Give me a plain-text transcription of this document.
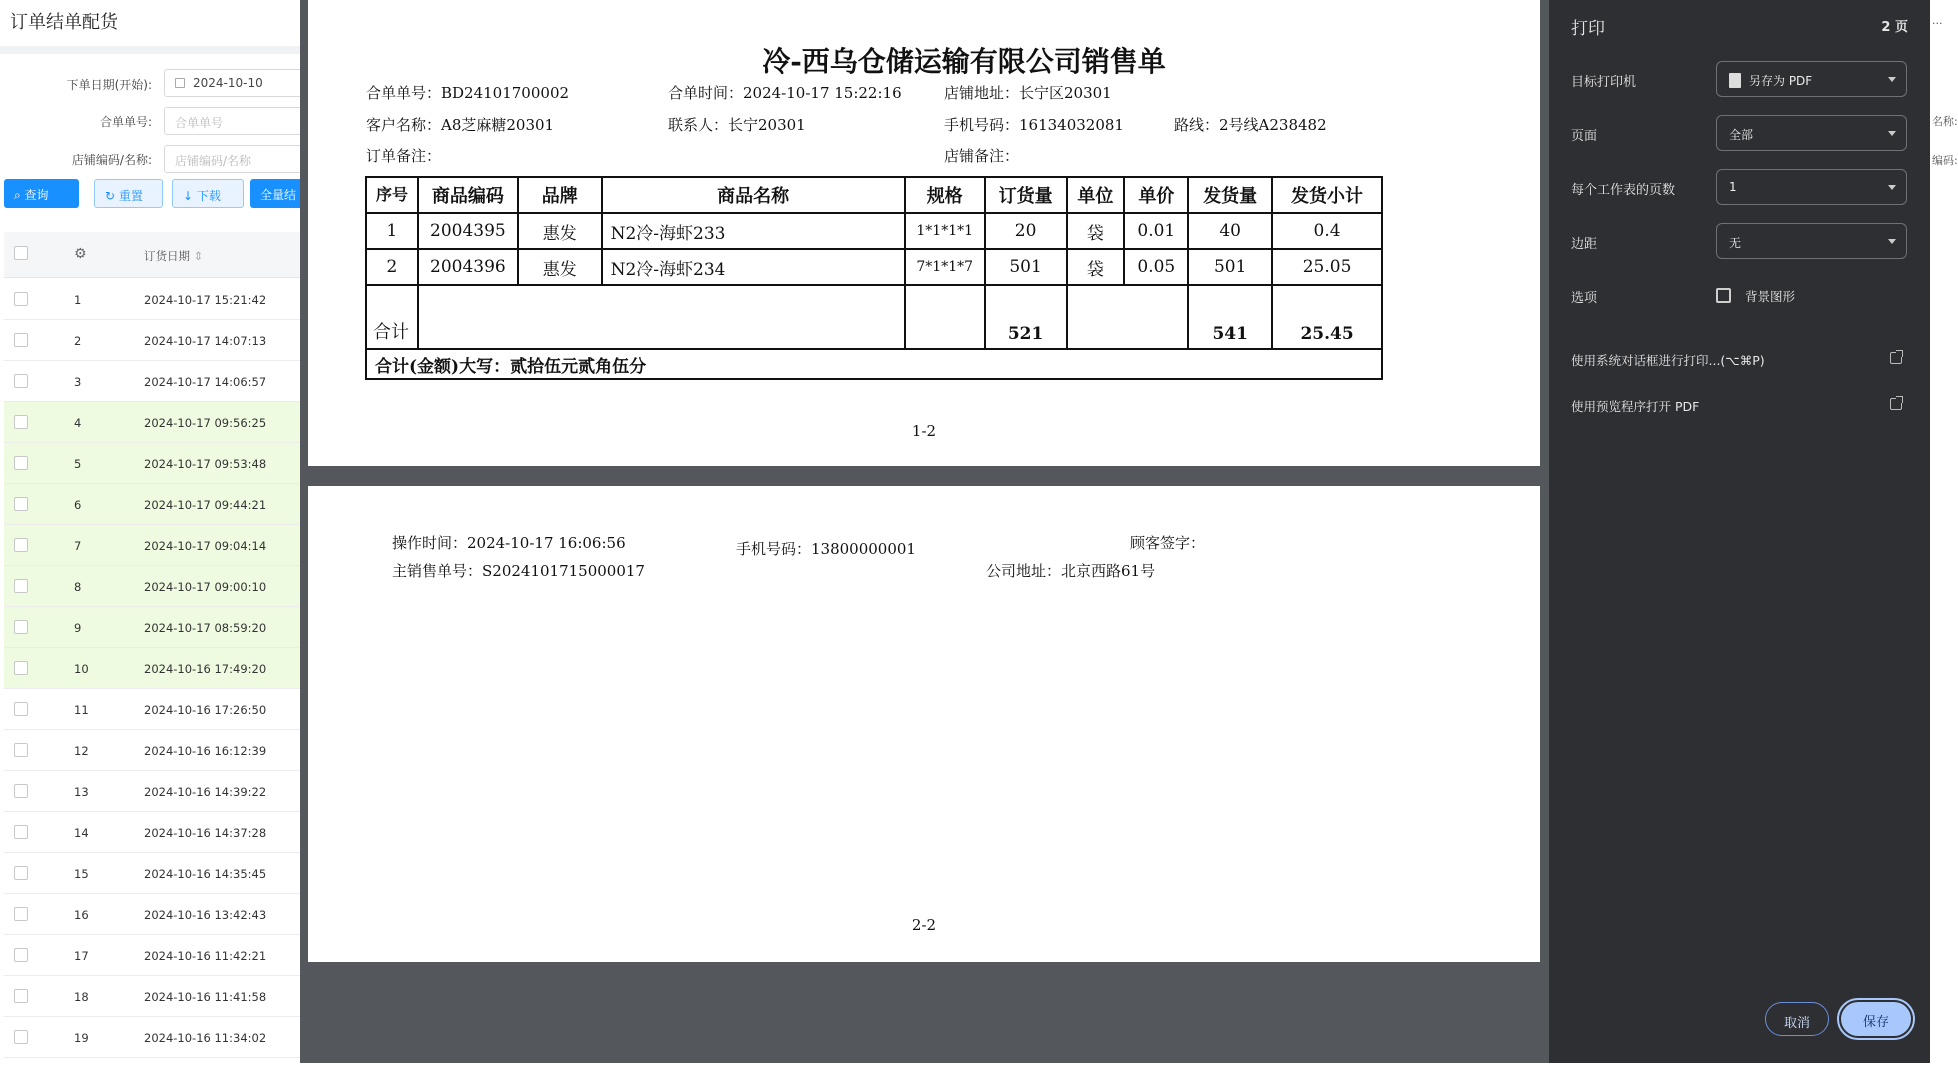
订单结单配货
下单日期(开始):	2024-10-10
合单单号:	合单单号
店铺编码/名称:	店铺编码/名称
⌕ 查询	↻ 重置	↓ 下载	全量结
⚙	订货日期 ⇕
1	2024-10-17 15:21:42
2	2024-10-17 14:07:13
3	2024-10-17 14:06:57
4	2024-10-17 09:56:25
5	2024-10-17 09:53:48
6	2024-10-17 09:44:21
7	2024-10-17 09:04:14
8	2024-10-17 09:00:10
9	2024-10-17 08:59:20
10	2024-10-16 17:49:20
11	2024-10-16 17:26:50
12	2024-10-16 16:12:39
13	2024-10-16 14:39:22
14	2024-10-16 14:37:28
15	2024-10-16 14:35:45
16	2024-10-16 13:42:43
17	2024-10-16 11:42:21
18	2024-10-16 11:41:58
19	2024-10-16 11:34:02
...
名称:
编码:
冷-西乌仓储运输有限公司销售单
合单单号：BD24101700002	合单时间：2024-10-17 15:22:16	店铺地址：长宁区20301
客户名称：A8芝麻糖20301	联系人：长宁20301	手机号码：16134032081	路线：2号线A238482
订单备注：	店铺备注：
序号	商品编码	品牌	商品名称	规格	订货量	单位	单价	发货量	发货小计
1	2004395	惠发	N2冷-海虾233	1*1*1*1	20	袋	0.01	40	0.4
2	2004396	惠发	N2冷-海虾234	7*1*1*7	501	袋	0.05	501	25.05
合计					521			541	25.45
合计(金额)大写：贰拾伍元贰角伍分									
1-2
操作时间：2024-10-17 16:06:56	手机号码：13800000001	顾客签字：
主销售单号：S2024101715000017	公司地址：北京西路61号
2-2
打印	2 页
目标打印机	另存为 PDF
页面	全部
每个工作表的页数	1
边距	无
选项	背景图形
使用系统对话框进行打印...(⌥⌘P)
使用预览程序打开 PDF
取消	保存
